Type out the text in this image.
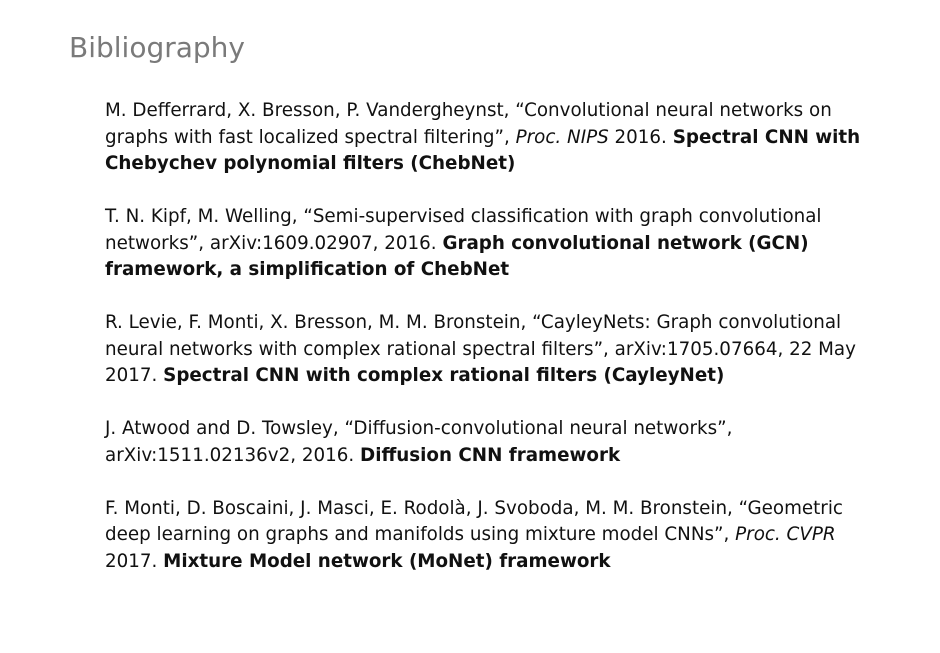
Bibliography
M. Defferrard, X. Bresson, P. Vandergheynst, “Convolutional neural networks on graphs with fast localized spectral filtering”, Proc. NIPS 2016. Spectral CNN with Chebychev polynomial filters (ChebNet)
T. N. Kipf, M. Welling, “Semi-supervised classification with graph convolutional networks”, arXiv:1609.02907, 2016. Graph convolutional network (GCN) framework, a simplification of ChebNet
R. Levie, F. Monti, X. Bresson, M. M. Bronstein, “CayleyNets: Graph convolutional neural networks with complex rational spectral filters”, arXiv:1705.07664, 22 May 2017. Spectral CNN with complex rational filters (CayleyNet)
J. Atwood and D. Towsley, “Diffusion-convolutional neural networks”, arXiv:1511.02136v2, 2016. Diffusion CNN framework
F. Monti, D. Boscaini, J. Masci, E. Rodolà, J. Svoboda, M. M. Bronstein, “Geometric deep learning on graphs and manifolds using mixture model CNNs”, Proc. CVPR 2017. Mixture Model network (MoNet) framework
